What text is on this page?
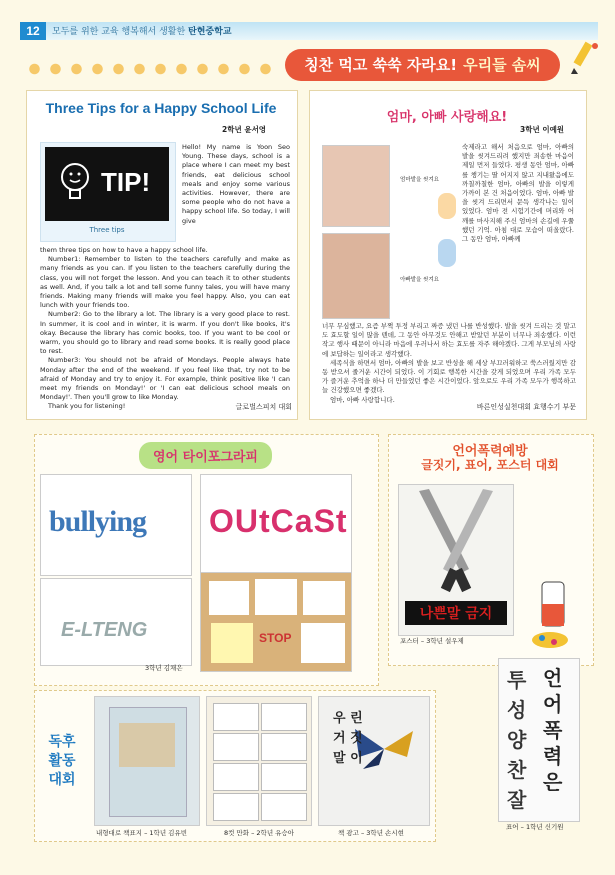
12	모두를 위한 교육 행복해서 생활한 탄현중학교
칭찬 먹고 쑥쑥 자라요! 우리들 솜씨
Three Tips for a Happy School Life
2학년 윤서영
TIP!
Three tips
Hello! My name is Yoon Seo Young. These days, school is a place where I can meet my best friends, eat delicious school meals and enjoy some various activities. However, there are some people who do not have a happy school life. So today, I will give
them three tips on how to have a happy school life.
Number1: Remember to listen to the teachers carefully and make as many friends as you can. If you listen to the teachers carefully during the class, you will not forget the lesson. And you can teach it to other students as well. And, if you talk a lot and tell some funny tales, you will have many friends. Making many friends will make you feel happy. Also, you can eat lunch with your friends too.
Number2: Go to the library a lot. The library is a very good place to rest. In summer, it is cool and in winter, it is warm. If you don't like books, it's okay. Because the library has comic books, too. If you want to be cool or warm, you should go to library and read some books. It is really good place to rest.
Number3: You should not be afraid of Mondays. People always hate Monday after the end of the weekend. If you feel like that, try not to be afraid of Monday and try to enjoy it. For example, think positive like 'I can meet my friends on Monday!' or 'I can eat delicious school meals on Monday!'. Then you'll grow to like Monday.
Thank you for listening!	글로벌스피치 대회
엄마, 아빠 사랑해요!
3학년 이예원
엄마발을 씻겨요
아빠발을 씻겨요
숙제라고 해서 처음으로 엄마, 아빠의 발을 씻겨드리려 했지만 죄송한 마음이 제일 먼저 들었다. 평생 동안 엄마, 아빠를 챙기는 딸 어지지 않고 지내왔음에도 까칠까칠한 엄마, 아빠의 발을 이렇게 가까이 본 건 처음이었다. 엄마, 아빠 발을 씻겨 드리면서 문득 생각나는 일이 있었다. 엄마 전 시험기간에 머리와 어깨를 마사지해 주신 엄마의 손길에 우쭐 했던 기억. 아침 대로 모습이 떠올랐다. 그 동안 엄마, 아빠께
너무 무심했고, 요즘 부쩍 투정 부리고 짜증 냈던 나를 반성했다. 발을 씻겨 드리는 것 말고도 효도할 일이 많을 텐데, 그 동안 아무것도 안해고 받았던 부분이 너무나 죄송했다. 이런 작고 행사 때문이 아니라 마음에 우러나서 하는 효도를 자주 해야겠다. 그게 부모님의 사랑에 보답하는 일이라고 생각했다.
세족식을 하면서 엄마, 아빠의 발을 보고 반성을 해 세상 부끄러워하고 쑥스러웠지만 감동 받으셔 줄거운 시간이 되었다. 이 기회로 행복한 시간을 갖게 되었으며 우리 가족 모두가 즐거운 추억을 하나 더 만들었던 좋은 시간이었다. 앞으로도 우리 가족 모두가 행복하고 늘 건강했으면 좋겠다.
엄마, 아빠 사랑합니다.
바른인성실천대회 효행수기 부문
영어 타이포그라피
bullying OUtCaSt
E-LTENG
3학년 김채은
STOP
언어폭력예방
글짓기, 표어, 포스터 대회
나쁜말 금지
포스터 – 3학년 설우제
투성 양 찬 잘
언 어 폭 력 은
표어 – 1학년 신기원
독후
활동
대회
내형대로 책표지 – 1학년 김유빈	8컷 만화 – 2학년 유승아
우 린 거 짓 말 이
책 광고 – 3학년 손시현
